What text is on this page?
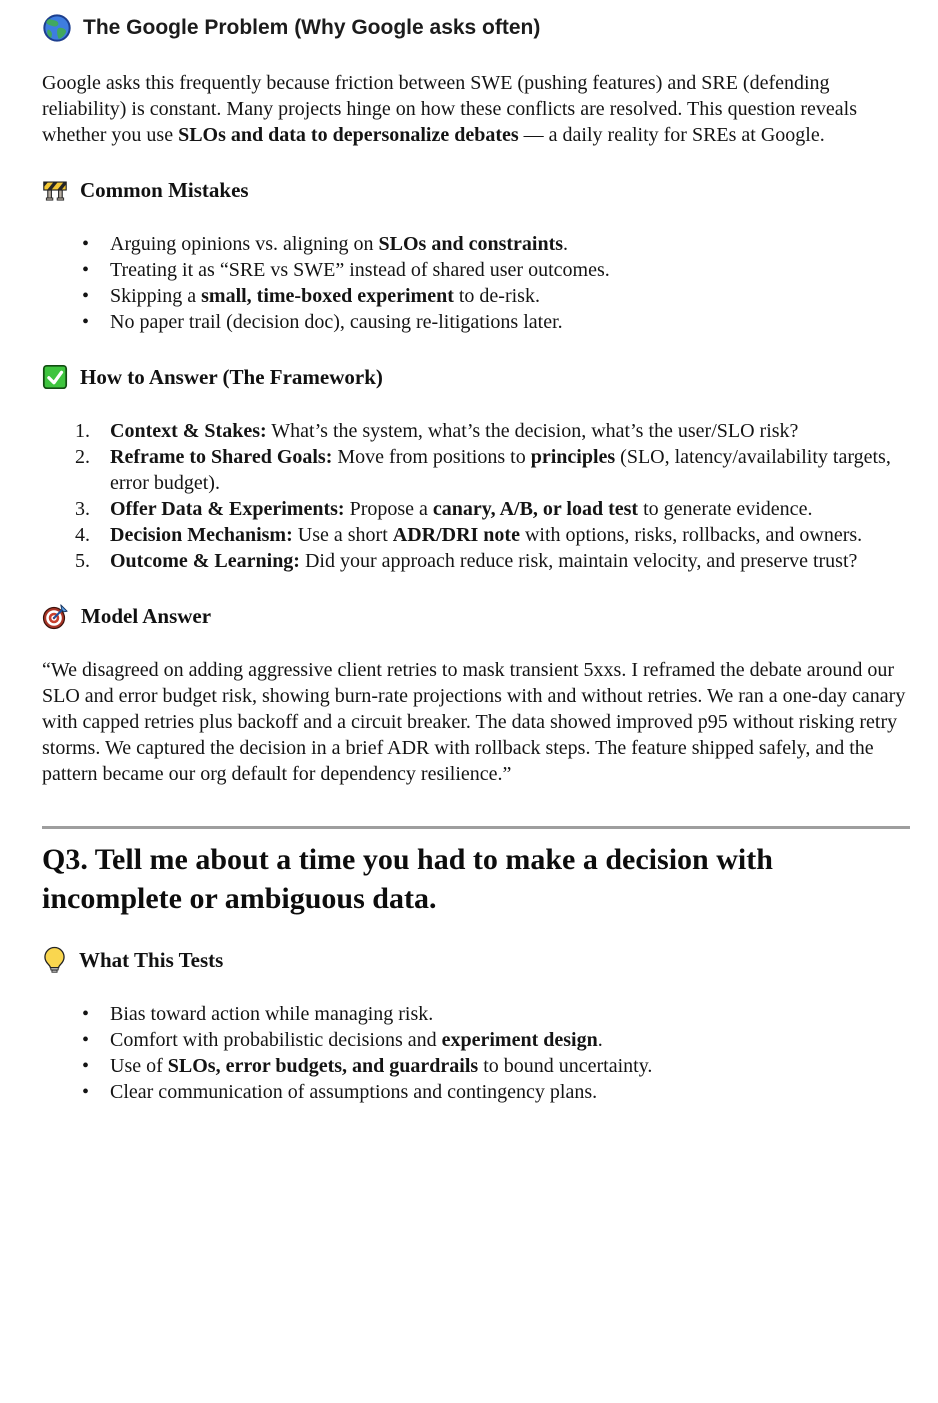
The Google Problem (Why Google asks often)

Google asks this frequently because friction between SWE (pushing features) and SRE (defending reliability) is constant. Many projects hinge on how these conflicts are resolved. This question reveals whether you use SLOs and data to depersonalize debates — a daily reality for SREs at Google.

Common Mistakes
• Arguing opinions vs. aligning on SLOs and constraints.
• Treating it as “SRE vs SWE” instead of shared user outcomes.
• Skipping a small, time-boxed experiment to de-risk.
• No paper trail (decision doc), causing re-litigations later.
How to Answer (The Framework)
Context & Stakes: What’s the system, what’s the decision, what’s the user/SLO risk?
Reframe to Shared Goals: Move from positions to principles (SLO, latency/availability targets, error budget).
Offer Data & Experiments: Propose a canary, A/B, or load test to generate evidence.
Decision Mechanism: Use a short ADR/DRI note with options, risks, rollbacks, and owners.
Outcome & Learning: Did your approach reduce risk, maintain velocity, and preserve trust?
Model Answer

“We disagreed on adding aggressive client retries to mask transient 5xxs. I reframed the debate around our SLO and error budget risk, showing burn-rate projections with and without retries. We ran a one-day canary with capped retries plus backoff and a circuit breaker. The data showed improved p95 without risking retry storms. We captured the decision in a brief ADR with rollback steps. The feature shipped safely, and the pattern became our org default for dependency resilience.”

Q3. Tell me about a time you had to make a decision with incomplete or ambiguous data.
What This Tests
• Bias toward action while managing risk.
• Comfort with probabilistic decisions and experiment design.
• Use of SLOs, error budgets, and guardrails to bound uncertainty.
• Clear communication of assumptions and contingency plans.
